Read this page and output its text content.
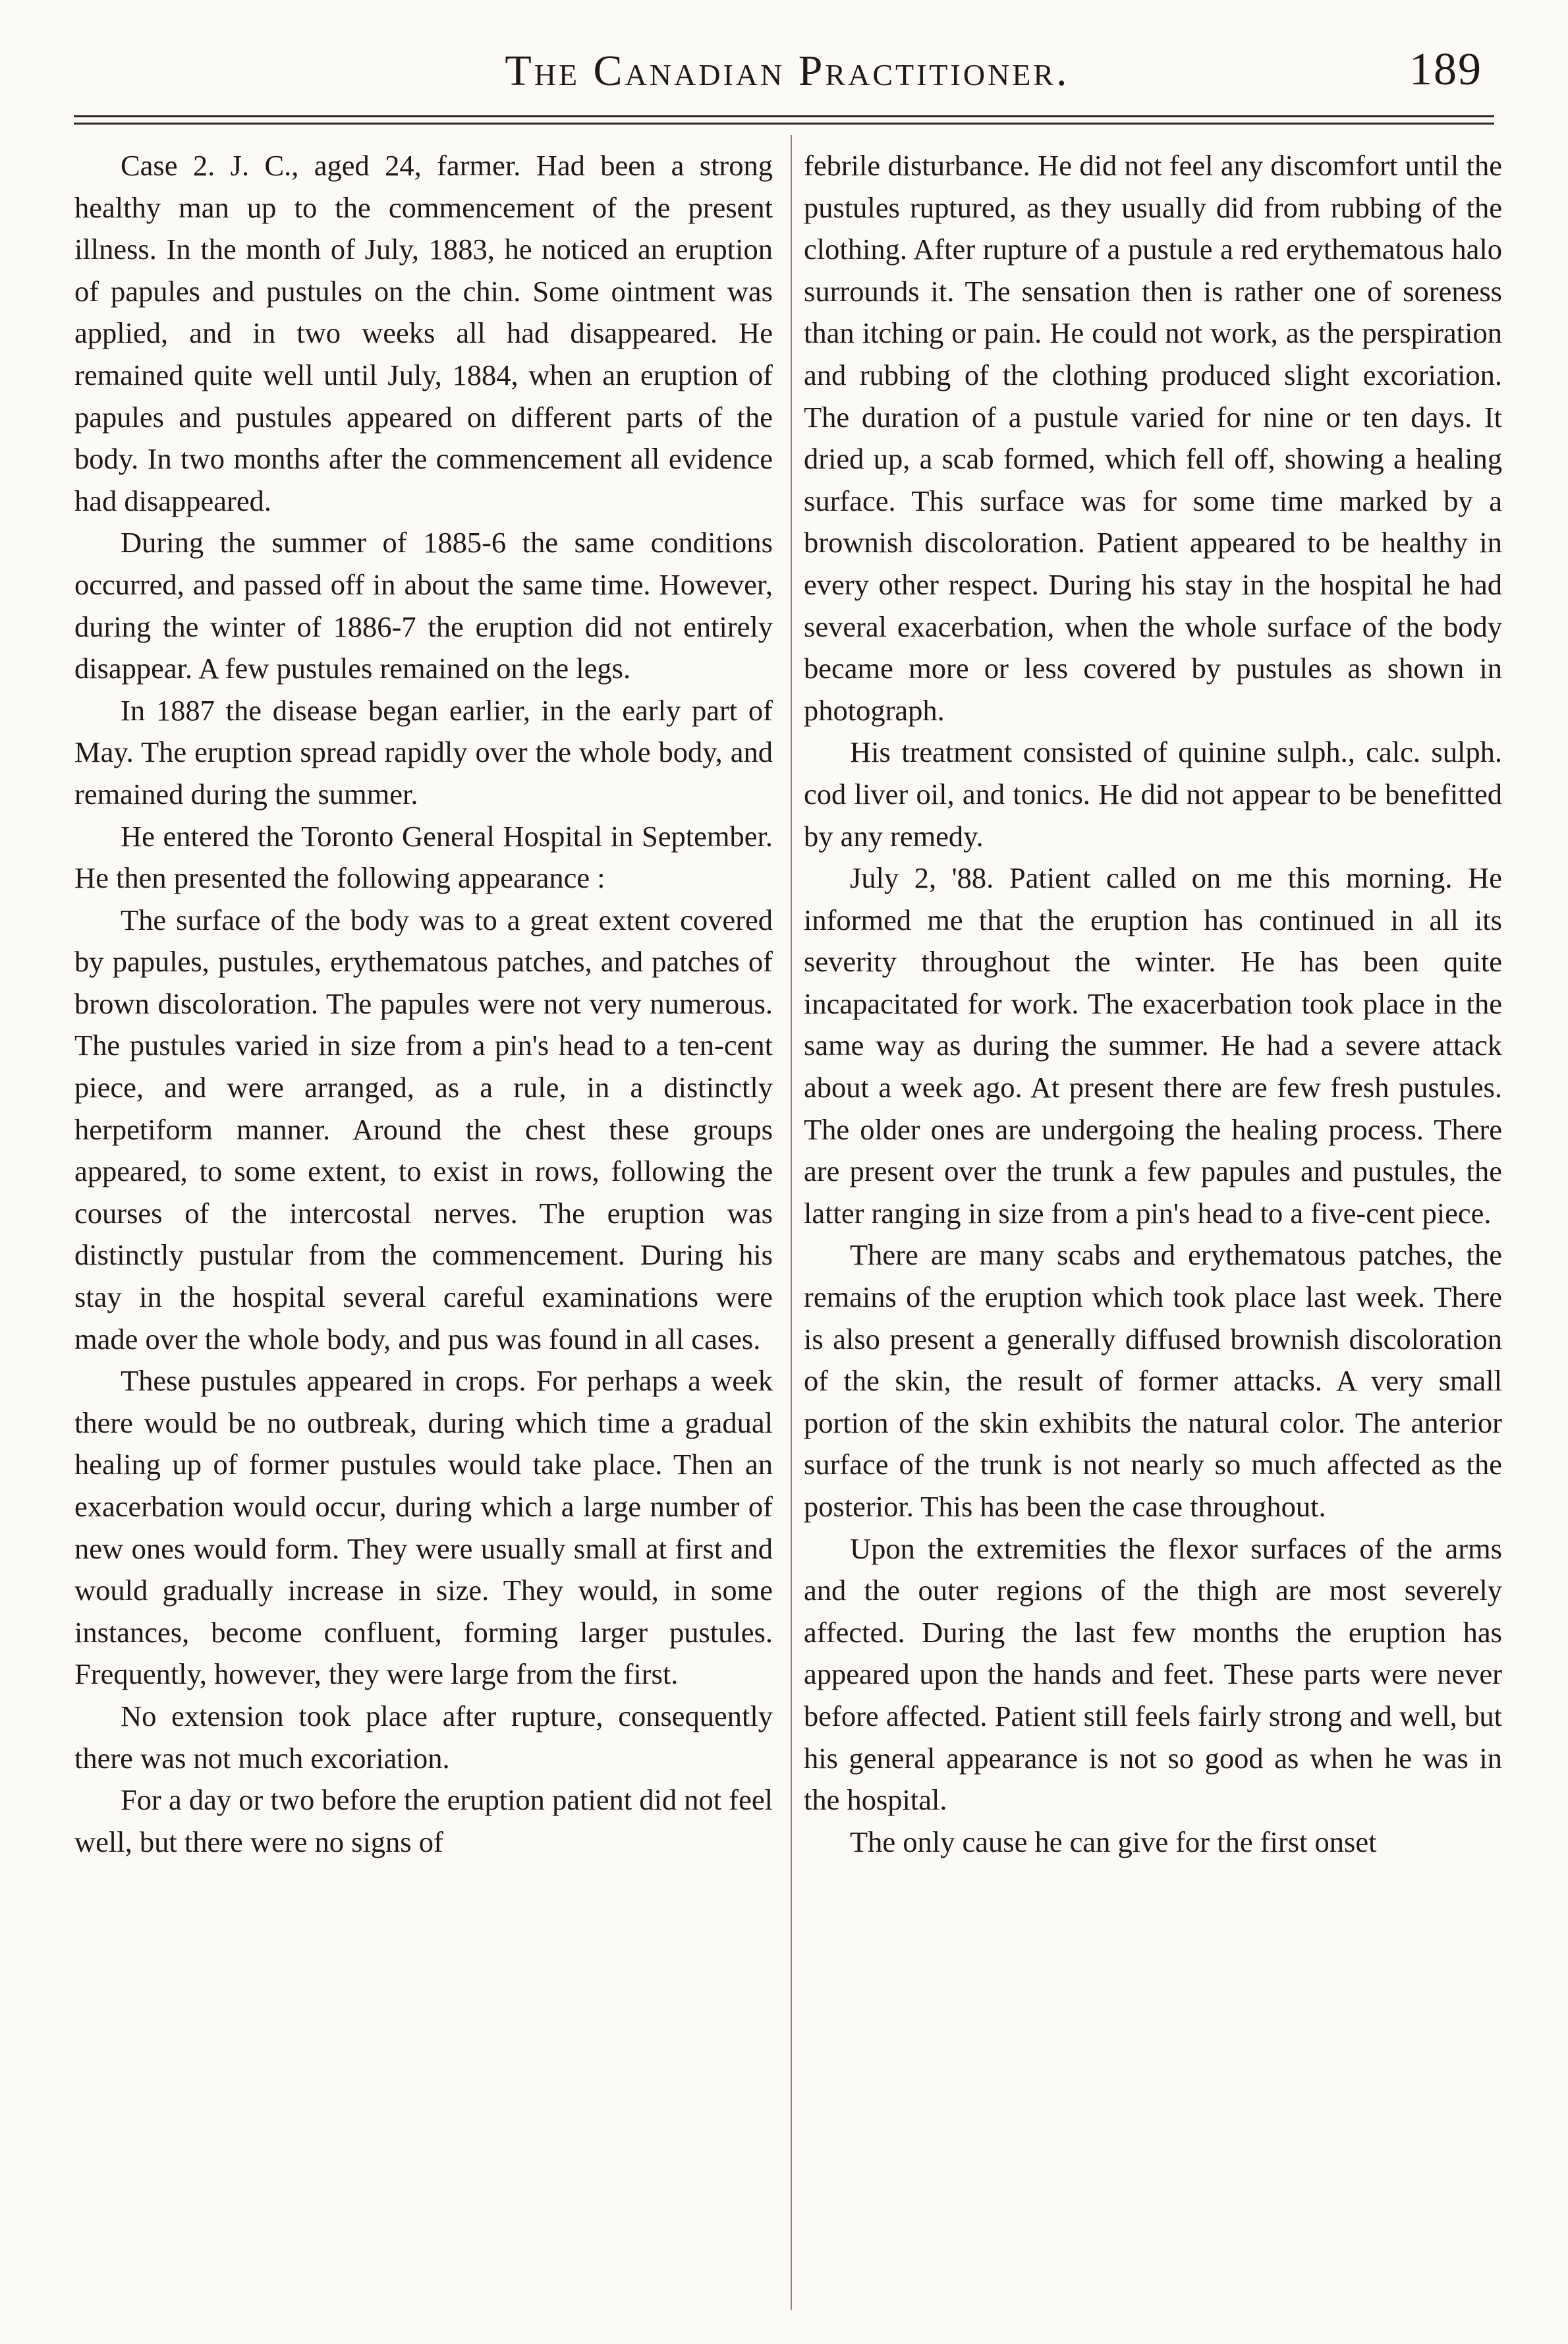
The Canadian Practitioner.	189

Case 2. J. C., aged 24, farmer. Had been a strong healthy man up to the commencement of the present illness. In the month of July, 1883, he noticed an eruption of papules and pustules on the chin. Some ointment was applied, and in two weeks all had disappeared. He remained quite well until July, 1884, when an eruption of papules and pustules appeared on different parts of the body. In two months after the commencement all evidence had disappeared.

During the summer of 1885-6 the same conditions occurred, and passed off in about the same time. However, during the winter of 1886-7 the eruption did not entirely disappear. A few pustules remained on the legs.

In 1887 the disease began earlier, in the early part of May. The eruption spread rapidly over the whole body, and remained during the summer.

He entered the Toronto General Hospital in September. He then presented the following appearance :

The surface of the body was to a great extent covered by papules, pustules, erythematous patches, and patches of brown discoloration. The papules were not very numerous. The pustules varied in size from a pin's head to a ten-cent piece, and were arranged, as a rule, in a distinctly herpetiform manner. Around the chest these groups appeared, to some extent, to exist in rows, following the courses of the intercostal nerves. The eruption was distinctly pustular from the commencement. During his stay in the hospital several careful examinations were made over the whole body, and pus was found in all cases.

These pustules appeared in crops. For perhaps a week there would be no outbreak, during which time a gradual healing up of former pustules would take place. Then an exacerbation would occur, during which a large number of new ones would form. They were usually small at first and would gradually increase in size. They would, in some instances, become confluent, forming larger pustules. Frequently, however, they were large from the first.

No extension took place after rupture, consequently there was not much excoriation.

For a day or two before the eruption patient did not feel well, but there were no signs of

febrile disturbance. He did not feel any discomfort until the pustules ruptured, as they usually did from rubbing of the clothing. After rupture of a pustule a red erythematous halo surrounds it. The sensation then is rather one of soreness than itching or pain. He could not work, as the perspiration and rubbing of the clothing produced slight excoriation. The duration of a pustule varied for nine or ten days. It dried up, a scab formed, which fell off, showing a healing surface. This surface was for some time marked by a brownish discoloration. Patient appeared to be healthy in every other respect. During his stay in the hospital he had several exacerbation, when the whole surface of the body became more or less covered by pustules as shown in photograph.

His treatment consisted of quinine sulph., calc. sulph. cod liver oil, and tonics. He did not appear to be benefitted by any remedy.

July 2, '88. Patient called on me this morning. He informed me that the eruption has continued in all its severity throughout the winter. He has been quite incapacitated for work. The exacerbation took place in the same way as during the summer. He had a severe attack about a week ago. At present there are few fresh pustules. The older ones are undergoing the healing process. There are present over the trunk a few papules and pustules, the latter ranging in size from a pin's head to a five-cent piece.

There are many scabs and erythematous patches, the remains of the eruption which took place last week. There is also present a generally diffused brownish discoloration of the skin, the result of former attacks. A very small portion of the skin exhibits the natural color. The anterior surface of the trunk is not nearly so much affected as the posterior. This has been the case throughout.

Upon the extremities the flexor surfaces of the arms and the outer regions of the thigh are most severely affected. During the last few months the eruption has appeared upon the hands and feet. These parts were never before affected. Patient still feels fairly strong and well, but his general appearance is not so good as when he was in the hospital.

The only cause he can give for the first onset
